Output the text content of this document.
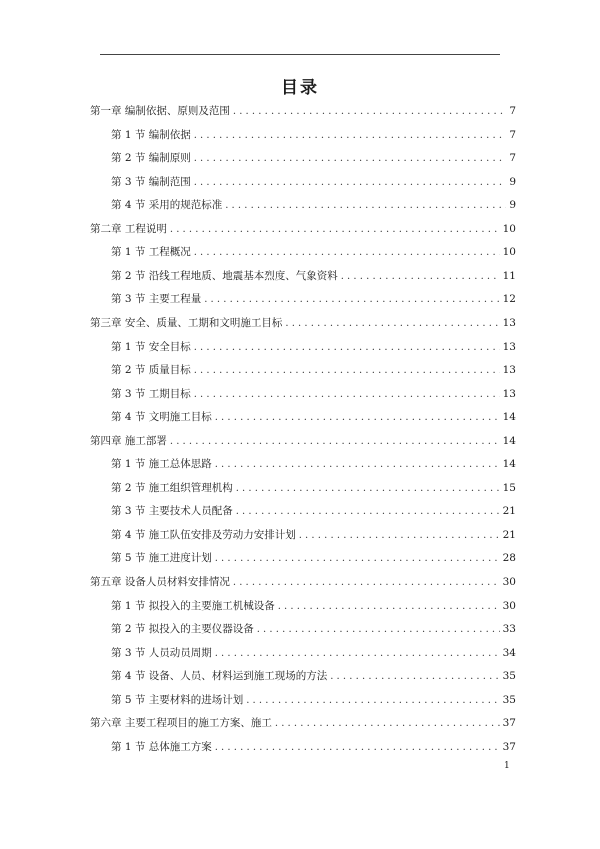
目录
第一章 编制依据、原则及范围 . . .	7
第 1 节 编制依据 . . .	7
第 2 节 编制原则 . . .	7
第 3 节 编制范围 . . .	9
第 4 节 采用的规范标准 . . .	9
第二章 工程说明 . . .	10
第 1 节 工程概况 . . .	10
第 2 节 沿线工程地质、地震基本烈度、气象资料 . . .	11
第 3 节 主要工程量 . . .	12
第三章 安全、质量、工期和文明施工目标 . . .	13
第 1 节 安全目标 . . .	13
第 2 节 质量目标 . . .	13
第 3 节 工期目标 . . .	13
第 4 节 文明施工目标 . . .	14
第四章 施工部署 . . .	14
第 1 节 施工总体思路 . . .	14
第 2 节 施工组织管理机构 . . .	15
第 3 节 主要技术人员配备 . . .	21
第 4 节 施工队伍安排及劳动力安排计划 . . .	21
第 5 节 施工进度计划 . . .	28
第五章 设备人员材料安排情况 . . .	30
第 1 节 拟投入的主要施工机械设备 . . .	30
第 2 节 拟投入的主要仪器设备 . . .	33
第 3 节 人员动员周期 . . .	34
第 4 节 设备、人员、材料运到施工现场的方法 . . .	35
第 5 节 主要材料的进场计划 . . .	35
第六章 主要工程项目的施工方案、施工 . . .	37
第 1 节 总体施工方案 . . .	37
1
